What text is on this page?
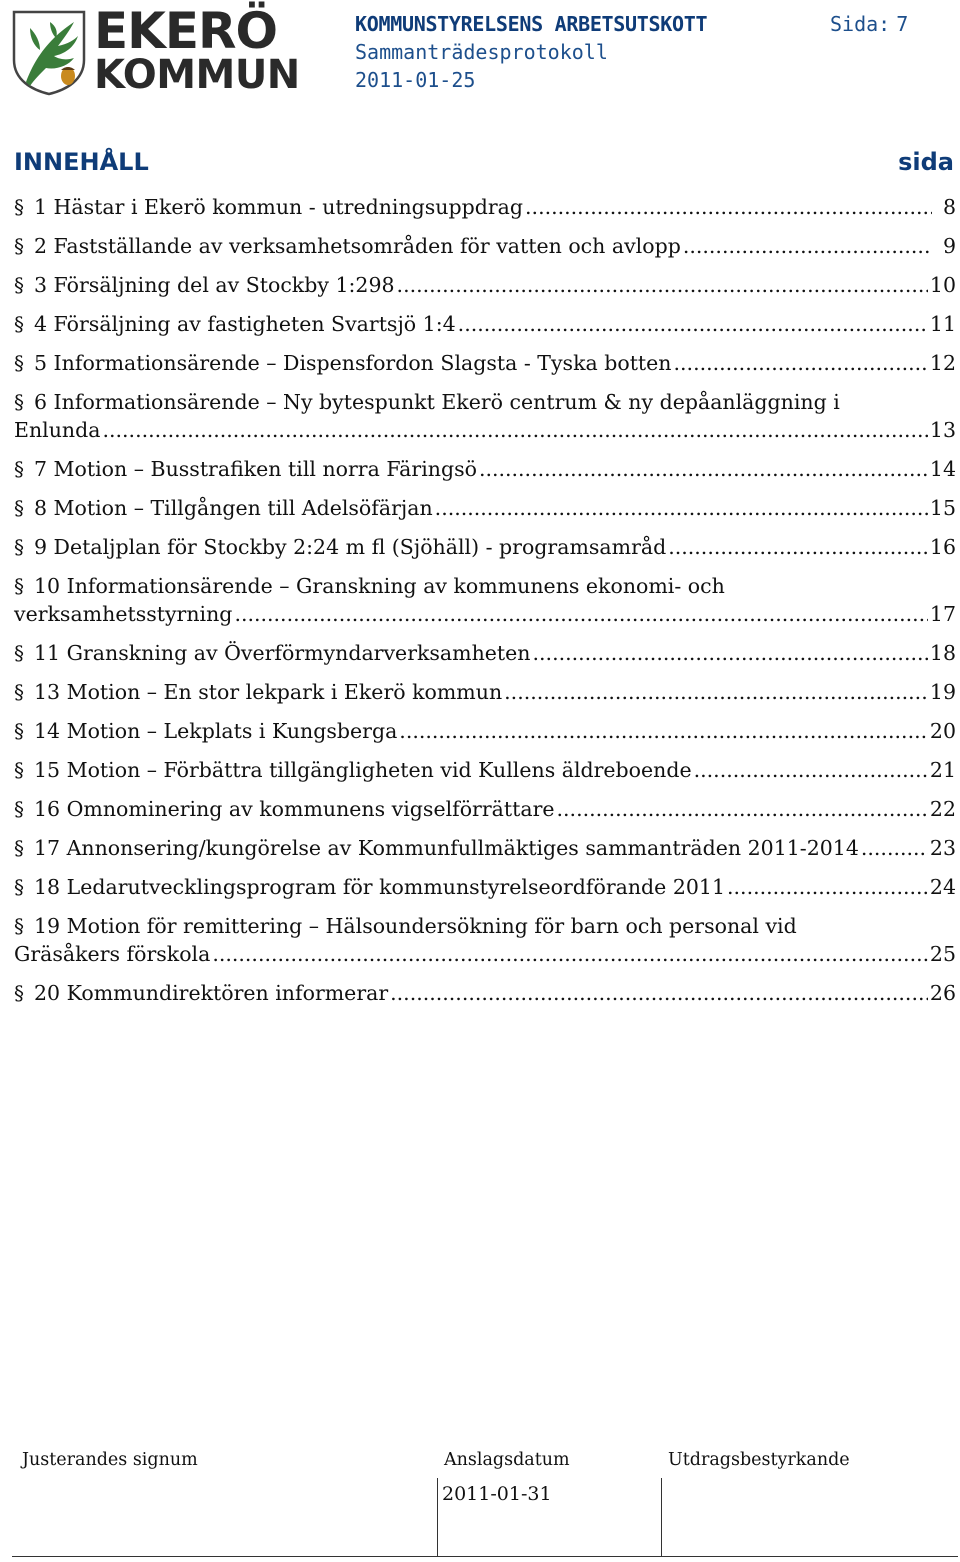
EKERÖ
KOMMUN
KOMMUNSTYRELSENS ARBETSUTSKOTT	Sida: 7
Sammanträdesprotokoll
2011-01-25
INNEHÅLL	sida
§ 1 Hästar i Ekerö kommun - utredningsuppdrag .....	8
§ 2 Fastställande av verksamhetsområden för vatten och avlopp .....	9
§ 3 Försäljning del av Stockby 1:298 .....	10
§ 4 Försäljning av fastigheten Svartsjö 1:4 .....	11
§ 5 Informationsärende – Dispensfordon Slagsta - Tyska botten .....	12
§ 6 Informationsärende – Ny bytespunkt Ekerö centrum & ny depåanläggning i
Enlunda .....	13
§ 7 Motion – Busstrafiken till norra Färingsö .....	14
§ 8 Motion – Tillgången till Adelsöfärjan .....	15
§ 9 Detaljplan för Stockby 2:24 m fl (Sjöhäll) - programsamråd .....	16
§ 10 Informationsärende – Granskning av kommunens ekonomi- och
verksamhetsstyrning .....	17
§ 11 Granskning av Överförmyndarverksamheten .....	18
§ 13 Motion – En stor lekpark i Ekerö kommun .....	19
§ 14 Motion – Lekplats i Kungsberga .....	20
§ 15 Motion – Förbättra tillgängligheten vid Kullens äldreboende .....	21
§ 16 Omnominering av kommunens vigselförrättare .....	22
§ 17 Annonsering/kungörelse av Kommunfullmäktiges sammanträden 2011-2014 .....	23
§ 18 Ledarutvecklingsprogram för kommunstyrelseordförande 2011 .....	24
§ 19 Motion för remittering – Hälsoundersökning för barn och personal vid
Gräsåkers förskola .....	25
§ 20 Kommundirektören informerar .....	26
Justerandes signum	Anslagsdatum	Utdragsbestyrkande
2011-01-31
